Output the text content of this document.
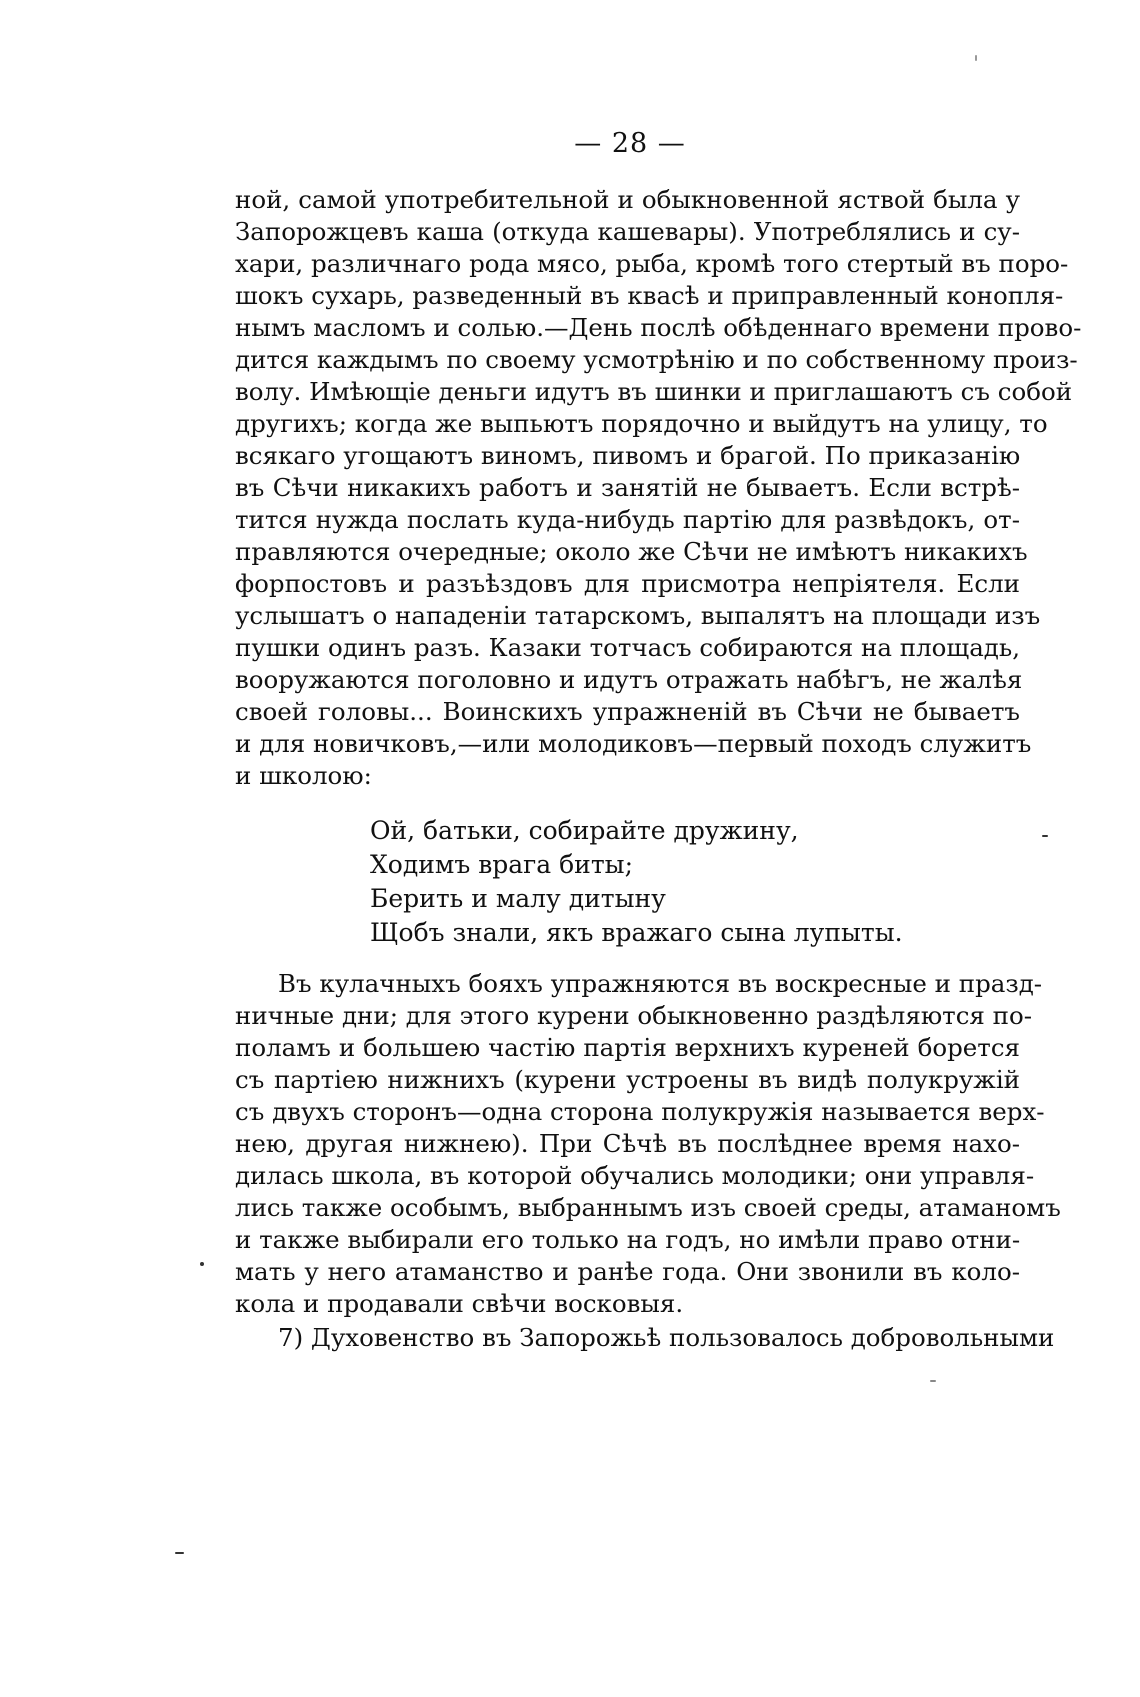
— 28 —
ной, самой употребительной и обыкновенной яствой была у
Запорожцевъ каша (откуда кашевары). Употреблялись и су-
хари, различнаго рода мясо, рыба, кромѣ того стертый въ поро-
шокъ сухарь, разведенный въ квасѣ и приправленный конопля-
нымъ масломъ и солью.—День послѣ обѣденнаго времени прово-
дится каждымъ по своему усмотрѣнію и по собственному произ-
волу. Имѣющіе деньги идутъ въ шинки и приглашаютъ съ собой
другихъ; когда же выпьютъ порядочно и выйдутъ на улицу, то
всякаго угощаютъ виномъ, пивомъ и брагой. По приказанію
въ Сѣчи никакихъ работъ и занятій не бываетъ. Если встрѣ-
тится нужда послать куда-нибудь партію для развѣдокъ, от-
правляются очередные; около же Сѣчи не имѣютъ никакихъ
форпостовъ и разъѣздовъ для присмотра непріятеля. Если
услышатъ о нападеніи татарскомъ, выпалятъ на площади изъ
пушки одинъ разъ. Казаки тотчасъ собираются на площадь,
вооружаются поголовно и идутъ отражать набѣгъ, не жалѣя
своей головы... Воинскихъ упражненій въ Сѣчи не бываетъ
и для новичковъ,—или молодиковъ—первый походъ служитъ
и школою:
Ой, батьки, собирайте дружину,
Ходимъ врага биты;
Берить и малу дитыну
Щобъ знали, якъ вражаго сына лупыты.
Въ кулачныхъ бояхъ упражняются въ воскресные и празд-
ничные дни; для этого курени обыкновенно раздѣляются по-
поламъ и большею частію партія верхнихъ куреней борется
съ партіею нижнихъ (курени устроены въ видѣ полукружій
съ двухъ сторонъ—одна сторона полукружія называется верх-
нею, другая нижнею). При Сѣчѣ въ послѣднее время нахо-
дилась школа, въ которой обучались молодики; они управля-
лись также особымъ, выбраннымъ изъ своей среды, атаманомъ
и также выбирали его только на годъ, но имѣли право отни-
мать у него атаманство и ранѣе года. Они звонили въ коло-
кола и продавали свѣчи восковыя.
7) Духовенство въ Запорожьѣ пользовалось добровольными
